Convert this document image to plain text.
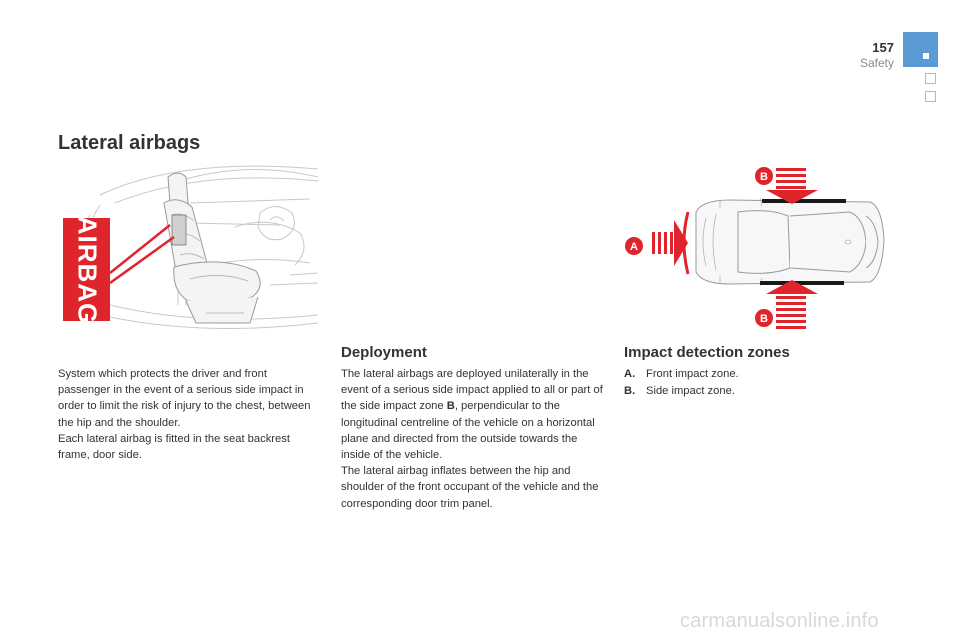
157
Safety
Lateral airbags
AIRBAG	A
B
B

System which protects the driver and front passenger in the event of a serious side impact in order to limit the risk of injury to the chest, between the hip and the shoulder.

Each lateral airbag is fitted in the seat backrest frame, door side.

Deployment

The lateral airbags are deployed unilaterally in the event of a serious side impact applied to all or part of the side impact zone B, perpendicular to the longitudinal centreline of the vehicle on a horizontal plane and directed from the outside towards the inside of the vehicle.

The lateral airbag inflates between the hip and shoulder of the front occupant of the vehicle and the corresponding door trim panel.

Impact detection zones
A. Front impact zone.
B. Side impact zone.
carmanualsonline.info
